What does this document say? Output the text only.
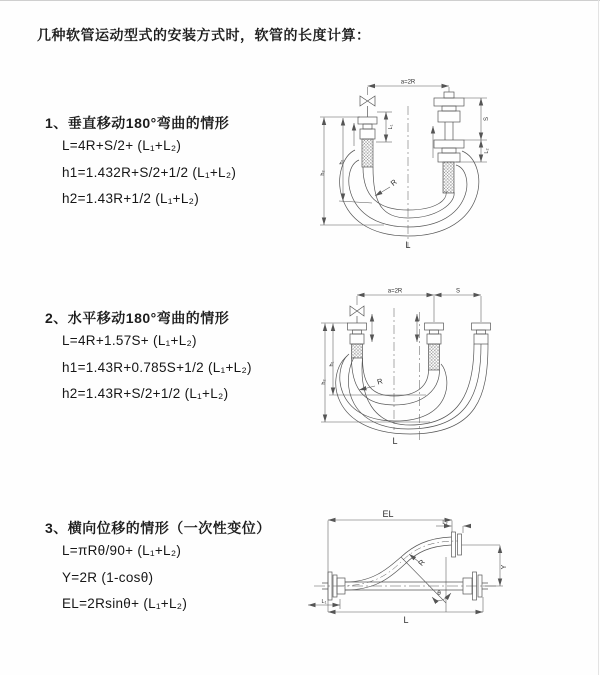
几种软管运动型式的安装方式时，软管的长度计算：
1、垂直移动180°弯曲的情形
L=4R+S/2+ (L₁+L₂)
h1=1.432R+S/2+1/2 (L₁+L₂)
h2=1.43R+1/2 (L₁+L₂)
2、水平移动180°弯曲的情形
L=4R+1.57S+ (L₁+L₂)
h1=1.43R+0.785S+1/2 (L₁+L₂)
h2=1.43R+S/2+1/2 (L₁+L₂)
3、横向位移的情形（一次性变位）
L=πRθ/90+ (L₁+L₂)
Y=2R (1-cosθ)
EL=2Rsinθ+ (L₁+L₂)
a=2R
L₁
S
L₂
h₁
h₂
R
L
a=2R	S
h₁
h₂	R
L
EL
L₂
Y
R
θ
L₁
L
